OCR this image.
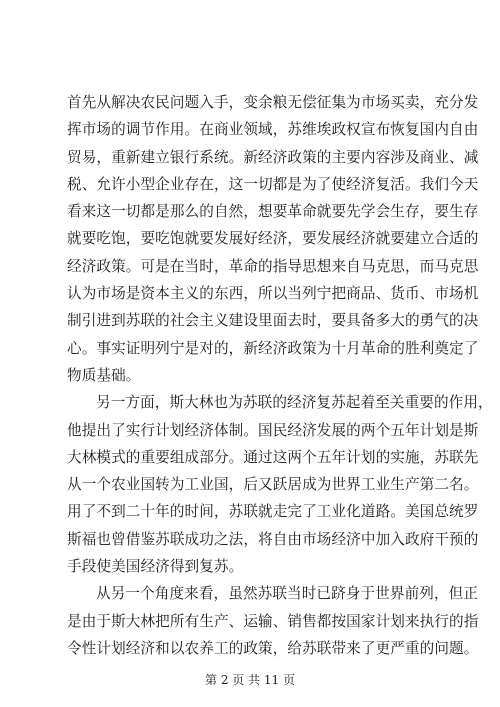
首先从解决农民问题入手，变余粮无偿征集为市场买卖，充分发
挥市场的调节作用。在商业领域，苏维埃政权宣布恢复国内自由
贸易，重新建立银行系统。新经济政策的主要内容涉及商业、减
税、允许小型企业存在，这一切都是为了使经济复活。我们今天
看来这一切都是那么的自然，想要革命就要先学会生存，要生存
就要吃饱，要吃饱就要发展好经济，要发展经济就要建立合适的
经济政策。可是在当时，革命的指导思想来自马克思，而马克思
认为市场是资本主义的东西，所以当列宁把商品、货币、市场机
制引进到苏联的社会主义建设里面去时，要具备多大的勇气的决
心。事实证明列宁是对的，新经济政策为十月革命的胜利奠定了
物质基础。
另一方面，斯大林也为苏联的经济复苏起着至关重要的作用，
他提出了实行计划经济体制。国民经济发展的两个五年计划是斯
大林模式的重要组成部分。通过这两个五年计划的实施，苏联先
从一个农业国转为工业国，后又跃居成为世界工业生产第二名。
用了不到二十年的时间，苏联就走完了工业化道路。美国总统罗
斯福也曾借鉴苏联成功之法，将自由市场经济中加入政府干预的
手段使美国经济得到复苏。
从另一个角度来看，虽然苏联当时已跻身于世界前列，但正
是由于斯大林把所有生产、运输、销售都按国家计划来执行的指
令性计划经济和以农养工的政策，给苏联带来了更严重的问题。
第 2 页 共 11 页
